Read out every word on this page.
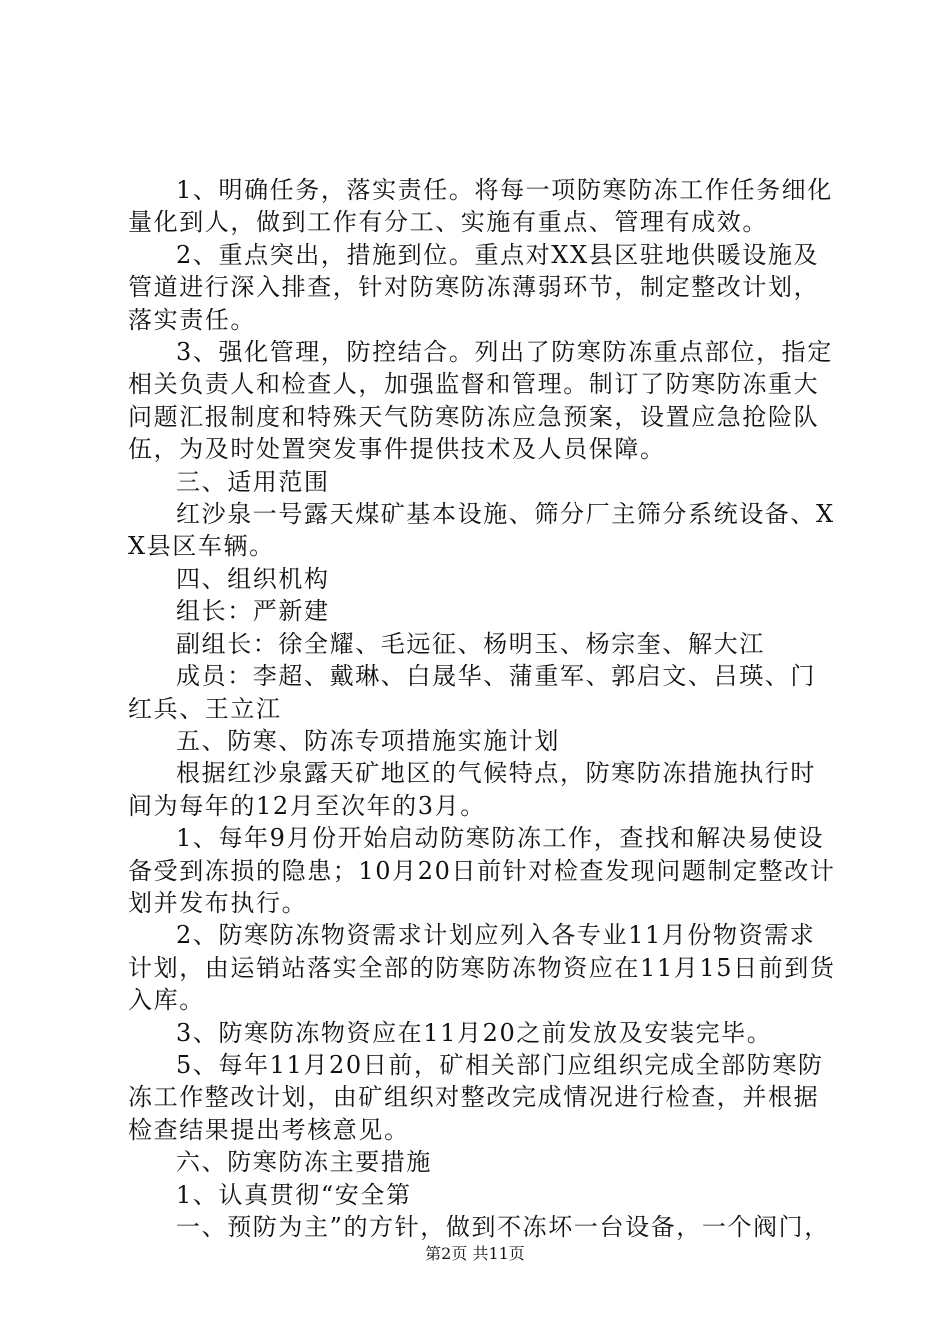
1、明确任务，落实责任。将每一项防寒防冻工作任务细化量化到人，做到工作有分工、实施有重点、管理有成效。

2、重点突出，措施到位。重点对XX县区驻地供暖设施及管道进行深入排查，针对防寒防冻薄弱环节，制定整改计划，落实责任。

3、强化管理，防控结合。列出了防寒防冻重点部位，指定相关负责人和检查人，加强监督和管理。制订了防寒防冻重大问题汇报制度和特殊天气防寒防冻应急预案，设置应急抢险队伍，为及时处置突发事件提供技术及人员保障。

三、适用范围

红沙泉一号露天煤矿基本设施、筛分厂主筛分系统设备、XX县区车辆。

四、组织机构

组长：严新建

副组长：徐全耀、毛远征、杨明玉、杨宗奎、解大江

成员：李超、戴琳、白晟华、蒲重军、郭启文、吕瑛、门红兵、王立江

五、防寒、防冻专项措施实施计划

根据红沙泉露天矿地区的气候特点，防寒防冻措施执行时间为每年的12月至次年的3月。

1、每年9月份开始启动防寒防冻工作，查找和解决易使设备受到冻损的隐患；10月20日前针对检查发现问题制定整改计划并发布执行。

2、防寒防冻物资需求计划应列入各专业11月份物资需求计划，由运销站落实全部的防寒防冻物资应在11月15日前到货入库。

3、防寒防冻物资应在11月20之前发放及安装完毕。

5、每年11月20日前，矿相关部门应组织完成全部防寒防冻工作整改计划，由矿组织对整改完成情况进行检查，并根据检查结果提出考核意见。

六、防寒防冻主要措施

1、认真贯彻“安全第

一、预防为主”的方针，做到不冻坏一台设备，一个阀门，

第2页 共11页
